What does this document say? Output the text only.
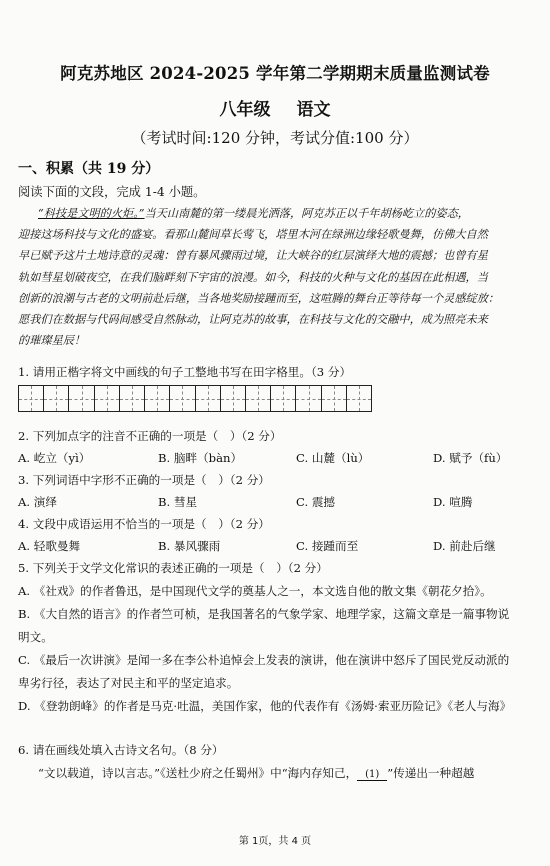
阿克苏地区 2024-2025 学年第二学期期末质量监测试卷
八年级 语文
（考试时间:120 分钟，考试分值:100 分）
一、积累（共 19 分）
阅读下面的文段，完成 1-4 小题。
“科技是文明的火炬。”当天山南麓的第一缕晨光洒落，阿克苏正以千年胡杨屹立的姿态，
迎接这场科技与文化的盛宴。看那山麓间草长莺飞，塔里木河在绿洲边缘轻歌曼舞，仿佛大自然
早已赋予这片土地诗意的灵魂：曾有暴风骤雨过境，让大峡谷的红层演绎大地的震撼；也曾有星
轨如彗星划破夜空，在我们脑畔刻下宇宙的浪漫。如今，科技的火种与文化的基因在此相遇，当
创新的浪潮与古老的文明前赴后继，当各地奖励接踵而至，这喧腾的舞台正等待每一个灵感绽放：
愿我们在数据与代码间感受自然脉动，让阿克苏的故事，在科技与文化的交融中，成为照亮未来
的璀璨星辰！
1. 请用正楷字将文中画线的句子工整地书写在田字格里。（3 分）
2. 下列加点字的注音不正确的一项是（　）（2 分）
A. 屹立（yì）	B. 脑畔（bàn）	C. 山麓（lù）	D. 赋予（fù）
3. 下列词语中字形不正确的一项是（　）（2 分）
A. 演绎	B. 彗星	C. 震撼	D. 喧腾
4. 文段中成语运用不恰当的一项是（　）（2 分）
A. 轻歌曼舞	B. 暴风骤雨	C. 接踵而至	D. 前赴后继
5. 下列关于文学文化常识的表述正确的一项是（　）（2 分）
A. 《社戏》的作者鲁迅，是中国现代文学的奠基人之一，本文选自他的散文集《朝花夕拾》。
B. 《大自然的语言》的作者竺可桢，是我国著名的气象学家、地理学家，这篇文章是一篇事物说
明文。
C. 《最后一次讲演》是闻一多在李公朴追悼会上发表的演讲，他在演讲中怒斥了国民党反动派的
卑劣行径，表达了对民主和平的坚定追求。
D. 《登勃朗峰》的作者是马克·吐温，美国作家，他的代表作有《汤姆·索亚历险记》《老人与海》
6. 请在画线处填入古诗文名句。（8 分）
“文以载道，诗以言志。”《送杜少府之任蜀州》中“海内存知己， (1) ”传递出一种超越
第 1页，共 4 页
